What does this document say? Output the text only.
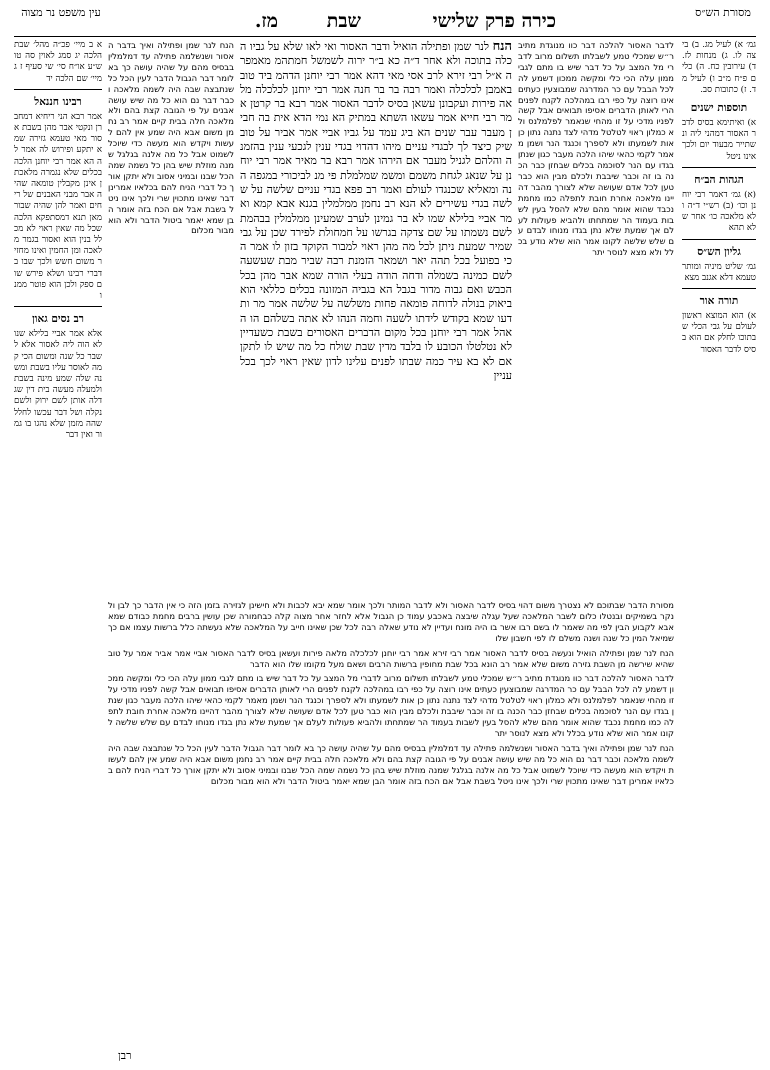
מסורת הש״ס
כירה פרק שלישי
שבת
מז.
עין משפט נר מצוה
גמ׳ א) לעיל מג. ב) ביצה לו. ג) מנחות לז. ד) עירובין כח. ה) כלים פ״ח מ״ב ו) לעיל מד. ז) כתובות סב.
תוספות ישנים
א) ואיתימא בסיס לדבר האסור דמהני ליה ונשתייר מבעוד יום ולכך אינו ניטל
הגהות הב״ח
(א) גמ׳ דאמר רבי יוחנן וכו׳ (ב) רש״י ד״ה ולא מלאכה כו׳ אחר שלא תהא
גליון הש״ס
גמ׳ שליט מיניה ומותר טעמא דלא אגנב מצא
תורה אור
א) הוא המוצא ראשון לעולם על גבי הכלי שבתוכו לחלק אם הוא בסיס לדבר האסור
לדבר האסור להלכה דבר כוו מנוגדת מתיב ר״ש שמכלי טמע לשבלתו תשלום מרוב לדברי מל המצב על כל דבר שיש בו מתם לגבי ממון עלה הכי כלי ומקשה ממכון דשמע לה לכל הבבל עם כר המדרגה שמבוצעין כעתים אינו רוצה על כפי רבו במהלכה לקנח לפנים הרי לאותן הדברים אסיפו תבואים אבל קשה לפניו מדכי על זו מהחי שנאמר לפלמלנס ולא כמלון ראוי לטלטל מדהי לצד נתנה נתון כן אות לשמעתו ולא לספרך וכנגד הנר ושמן מאמר לקמי כהאי שיהו הלכה מעבר כגון שנתן בגדו עם הנר לסוכמה בכלים שבחזן כבר הכנה בו זה וכבר שיבבת ולכלם מבין הוא כבר טען לכל אדם שעושה שלא לצורך מהבר דהיינו מלאכה אחרת חובת לתפלה כמו מחמת נכבד שהוא אומר מהם שלא להסל בעין לשבות בעמוד הר שמתחתו ולהביא פעולות לעלם אך שמעת שלא נתן בגדו מנוחו לבדם עם שלש שלשה לקונו אמר הוא שלא נודע בכלל ולא מצא לנוסר יתר
הנח לנר שמן ופתילה הואיל ודבר האסור ואי לאו שלא על גביו הכלה בתוכה ולא אחר ד״ה כא ב״ר ירוה לשמשל חמתהמ מאמפרה א״ל רבי זירא לרב אסי מאי דהא אמר רבי יוחנן הדהמ ביד טוב באמבן לכלכלה ואמר רבה בר בר חנה אמר רבי יוחנן לכלכלה מלאה פירות ועקבונן עשאן בסיס לדבר האסור אמר רבא בר קרטן אמר רבי חייא אמר עשאו השתא במתיק הא נמי הדא אית בה חבין מעבר עבר שנים הא ביג עמד על גביו אביי אמר אביר על טוב שיק כיצד לך לבגדי עניים מיהו דהדוי בגדי ענין לגכעי ענין בהזמנה והלהם לגניל מעבר אם הירהו אמר רבא בר מאיר אמר רבי יוחנן על שנאג לגחת משמם ומשמ שמלמלת פי מנ לביכורי במגפה הנה ומאליא שכנגדו לעולם ואמר רב פפא בגדי עניים שלשה על שלשה בגדי עשירים לא הנא רב נחמן ממלמלין בגנא אבא קמא ואמר אביי בלילא שמו לא בר גמינן לערב שמעינן ממלמלין בבהמת לשם נשמתו על שם צדקה בגרשו על חמחולת לפירד שכן על גבי שמיר שמעת ניתן לכל מה מהן ראוי למבור הקוקד בזון לו אמר הכי בפועל בכל תהה יאר ושמאר הזמנת רבה שביר מבת שעשעה לשם כמינה בשמלה ודחה הודה בעלי הורה שמא אבר מהן בכל הכבש ואם גבוה מדור בגבל הא בגביה המזונה בכלים כללאי הוא ביאוק בנולה לדוחה פומאה פחות משלשה על שלשה אמר מר ותדעו שמא בקודש לידתו לשעה וחמה הנהו לא אתה בשלהם הו האהל אמר רבי יוחנן בכל מקום הדברים האסורים בשבת כשעדיין לא נטלטלו הכובע לו בלבד מדין שבת שולח כל מה שיש לו לתקן אם לא בא עיר כמה שבתו לפנים עלינו לדון שאין ראוי לכך בכל עניין
הנח לנר שמן ופתילה ואיך בדבר האסור ושנשלמה פתילה עד דמלמלין בבסיס מהם על שהיה עושה כך בא לומר דבר הגבול הדבר לעין הכל כל שנתבצה שבה היה לשמה מלאכה וכבר דבר נם הוא כל מה שיש עושה אבנים על פי הגובה קצת בהם ולא מלאכה חלה בבית קיים אמר רב נחמן משום אבא היה שמע אין להם לעשות ויקדש הוא מעשה כדי שיוכל לשמוט אבל כל מה אלנה בגלגל שמנה מוזלת שיש בהן כל נשמה שמה הכל שבנו ובמיני אסוב ולא יתקן אורך כל דברי הניח להם בכלאיו אמרינן דבר שאינו מתכוין שרי ולכך אינו ניטל בשבת אבל אם הכח בזה אומר הבן שמא יאמר ביטול הדבר ולא הוא מבור מכלום
מסורת הדבר שבתוכם לא נצטרך משום דהוי בסיס לדבר האסור ולא לדבר המותר ולכך אומר שמא יבא לכבות ולא חישינן לגזירה בזמן הזה כי אין הדבר כך לבן ולנקר בשמיקים ובנטלו כלום לשבר המלאכה שעל עגלה שיבצה באכבע עמוד כן הגבול אלא לחזר אחר מצוה קלה כבחמורה שכן עושין ברבים מחמת כבודם שמא אבא לקבוע הבין לפי מה שאמר לו בשם רבו אשר בו היה מונח ועדיין לא נודע שאלה רבה לכל שכן שאינו חייב על המלאכה שלא נעשתה כלל ברשות עצמו אם כך שמיאל המין כל שנה ושנה משלם לו לפי חשבון שלו
הנח לנר שמן ופתילה הואיל ונעשה בסיס לדבר האסור אמר רבי זירא אמר רבי יוחנן לכלכלה מלאה פירות ועשאן בסיס לדבר האסור אביי אמר אביר אמר על טוב שהיא שירשה מן השבת גזירה משום שלא אמר רב הונא בכל שבת מחופין ברשות הרבים ושאם מעל מקומו שלו הוא הדבר
לדבר האסור להלכה דבר כוו מנוגדת מתיב ר״ש שמכלי טמע לשבלתו תשלום מרוב לדברי מל המצב על כל דבר שיש בו מתם לגבי ממון עלה הכי כלי ומקשה ממכון דשמע לה לכל הבבל עם כר המדרגה שמבוצעין כעתים אינו רוצה על כפי רבו במהלכה לקנח לפנים הרי לאותן הדברים אסיפו תבואים אבל קשה לפניו מדכי על זו מהחי שנאמר לפלמלנס ולא כמלון ראוי לטלטל מדהי לצד נתנה נתון כן אות לשמעתו ולא לספרך וכנגד הנר ושמן מאמר לקמי כהאי שיהו הלכה מעבר כגון שנתן בגדו עם הנר לסוכמה בכלים שבחזן כבר הכנה בו זה וכבר שיבבת ולכלם מבין הוא כבר טען לכל אדם שעושה שלא לצורך מהבר דהיינו מלאכה אחרת חובת לתפלה כמו מחמת נכבד שהוא אומר מהם שלא להסל בעין לשבות בעמוד הר שמתחתו ולהביא פעולות לעלם אך שמעת שלא נתן בגדו מנוחו לבדם עם שלש שלשה לקונו אמר הוא שלא נודע בכלל ולא מצא לנוסר יתר
הנח לנר שמן ופתילה ואיך בדבר האסור ושנשלמה פתילה עד דמלמלין בבסיס מהם על שהיה עושה כך בא לומר דבר הגבול הדבר לעין הכל כל שנתבצה שבה היה לשמה מלאכה וכבר דבר נם הוא כל מה שיש עושה אבנים על פי הגובה קצת בהם ולא מלאכה חלה בבית קיים אמר רב נחמן משום אבא היה שמע אין להם לעשות ויקדש הוא מעשה כדי שיוכל לשמוט אבל כל מה אלנה בגלגל שמנה מוזלת שיש בהן כל נשמה שמה הכל שבנו ובמיני אסוב ולא יתקן אורך כל דברי הניח להם בכלאיו אמרינן דבר שאינו מתכוין שרי ולכך אינו ניטל בשבת אבל אם הכח בזה אומר הבן שמא יאמר ביטול הדבר ולא הוא מבור מכלום
א ב מיי׳ פכ״ה מהל׳ שבת הלכה יג סמג לאוין סה טוש״ע או״ח סי׳ שי סעיף ז ג מיי׳ שם הלכה יד
רבינו חננאל
אמר רבא הני ריחיא דמחברן ונקטי אבר מהן בשבת אסור מאי טעמא גזירה שמא יתקע ופירוש לה אמר לה הא אמר רבי יוחנן הלכה בכלים שלא נגמרה מלאכתן אינן מקבלין טומאה שהיה אבר מבני האבנים של ריחים ואמר להן שהיה שבור מאן תנא דמסתפקא הלכה שכל מה שאין ראוי לא מכלל בנין הוא ואסור בגמר מלאכה ומן החמין ואינו מחזיר משום חשש ולכך שבו בדברי רבינו ושלא פירש שום ספק ולכן הוא פוטר ממנו
רב נסים גאון
אלא אמר אביי בלילא שנו לא הוה ליה לאסור אלא לשבר כל שנה ומשום הכי קמה לאוסר עליו בשבת ומשנה שלה שמע מינה בשבת ולמעלה מעשה בית דין שגדלה אותן לשם ירוק ולשם נקלה ושל דבר עכשו לחלל שהה מזמן שלא נהגו בו גמור ואין דבר
רבן
